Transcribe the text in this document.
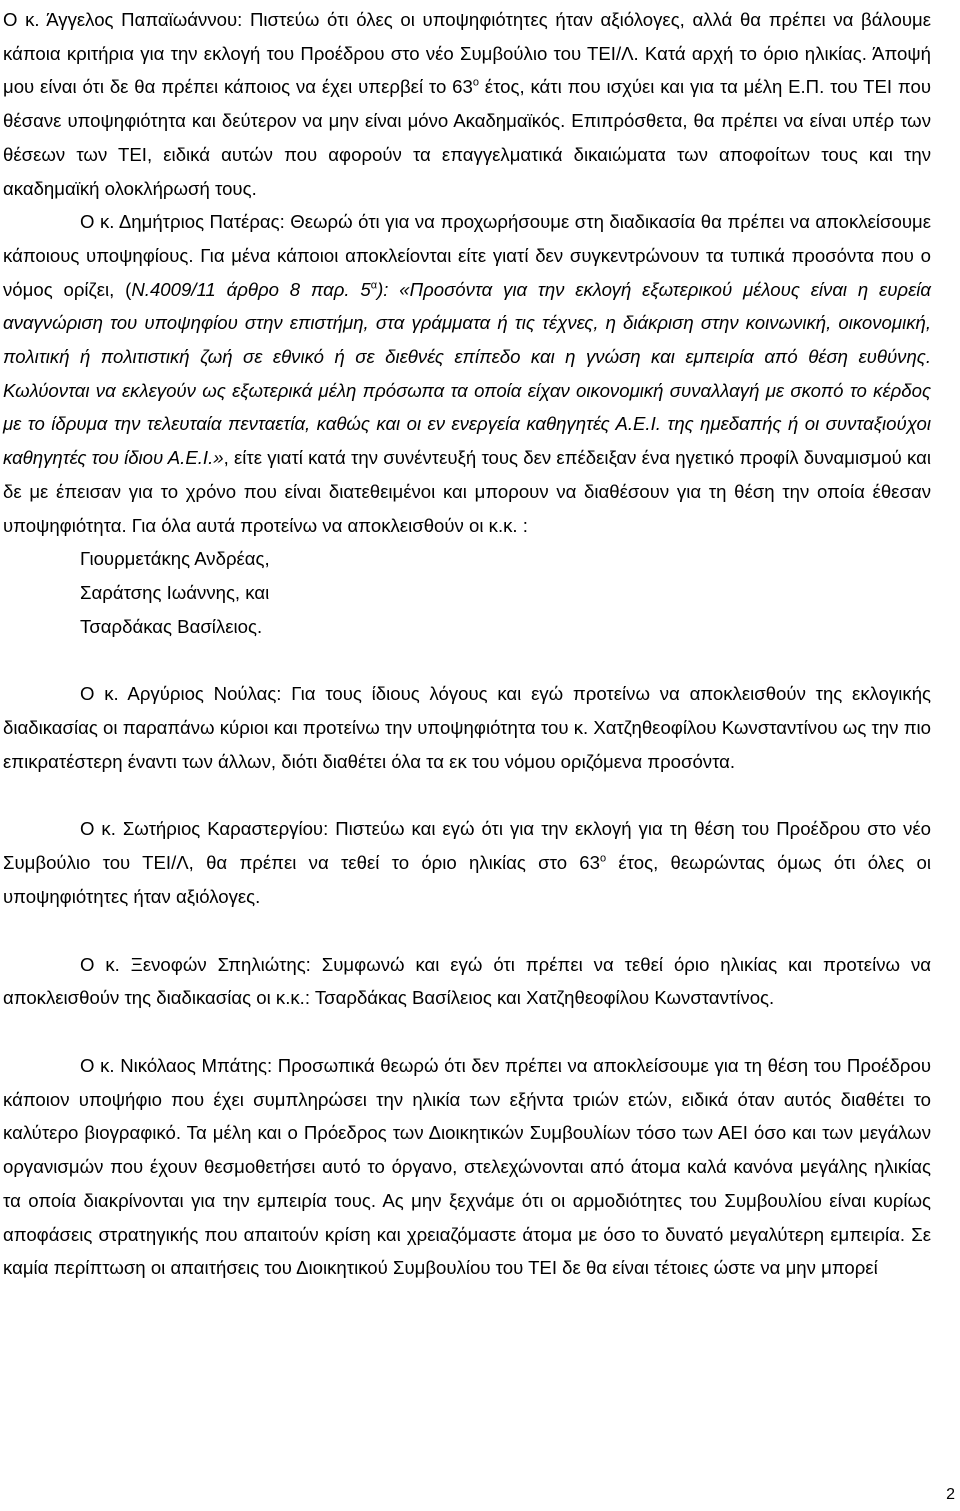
Ο κ. Άγγελος Παπαϊωάννου: Πιστεύω ότι όλες οι υποψηφιότητες ήταν αξιόλογες, αλλά θα πρέπει να βάλουμε κάποια κριτήρια για την εκλογή του Προέδρου στο νέο Συμβούλιο του ΤΕΙ/Λ. Κατά αρχή το όριο ηλικίας. Άποψή μου είναι ότι δε θα πρέπει κάποιος να έχει υπερβεί το $63^o$ έτος, κάτι που ισχύει και για τα μέλη Ε.Π. του ΤΕΙ που θέσανε υποψηφιότητα και δεύτερον να μην είναι μόνο Ακαδημαϊκός. Επιπρόσθετα, θα πρέπει να είναι υπέρ των θέσεων των ΤΕΙ, ειδικά αυτών που αφορούν τα επαγγελματικά δικαιώματα των αποφοίτων τους και την ακαδημαϊκή ολοκλήρωσή τους.

Ο κ. Δημήτριος Πατέρας: Θεωρώ ότι για να προχωρήσουμε στη διαδικασία θα πρέπει να αποκλείσουμε κάποιους υποψηφίους. Για μένα κάποιοι αποκλείονται είτε γιατί δεν συγκεντρώνουν τα τυπικά προσόντα που ο νόμος ορίζει, (Ν.4009/11 άρθρο 8 παρ. $5^\alpha$): «Προσόντα για την εκλογή εξωτερικού μέλους είναι η ευρεία αναγνώριση του υποψηφίου στην επιστήμη, στα γράμματα ή τις τέχνες, η διάκριση στην κοινωνική, οικονομική, πολιτική ή πολιτιστική ζωή σε εθνικό ή σε διεθνές επίπεδο και η γνώση και εμπειρία από θέση ευθύνης. Κωλύονται να εκλεγούν ως εξωτερικά μέλη πρόσωπα τα οποία είχαν οικονομική συναλλαγή με σκοπό το κέρδος με το ίδρυμα την τελευταία πενταετία, καθώς και οι εν ενεργεία καθηγητές Α.Ε.Ι. της ημεδαπής ή οι συνταξιούχοι καθηγητές του ίδιου Α.Ε.Ι.», είτε γιατί κατά την συνέντευξή τους δεν επέδειξαν ένα ηγετικό προφίλ δυναμισμού και δε με έπεισαν για το χρόνο που είναι διατεθειμένοι και μπορουν να διαθέσουν για τη θέση την οποία έθεσαν υποψηφιότητα. Για όλα αυτά προτείνω να αποκλεισθούν οι κ.κ. :

Γιουρμετάκης Ανδρέας,
Σαράτσης Ιωάννης, και
Τσαρδάκας Βασίλειος.

Ο κ. Αργύριος Νούλας: Για τους ίδιους λόγους και εγώ προτείνω να αποκλεισθούν της εκλογικής διαδικασίας οι παραπάνω κύριοι και προτείνω την υποψηφιότητα του κ. Χατζηθεοφίλου Κωνσταντίνου ως την πιο επικρατέστερη έναντι των άλλων, διότι διαθέτει όλα τα εκ του νόμου οριζόμενα προσόντα.

Ο κ. Σωτήριος Καραστεργίου: Πιστεύω και εγώ ότι για την εκλογή για τη θέση του Προέδρου στο νέο Συμβούλιο του ΤΕΙ/Λ, θα πρέπει να τεθεί το όριο ηλικίας στο $63^o$ έτος, θεωρώντας όμως ότι όλες οι υποψηφιότητες ήταν αξιόλογες.

Ο κ. Ξενοφών Σπηλιώτης: Συμφωνώ και εγώ ότι πρέπει να τεθεί όριο ηλικίας και προτείνω να αποκλεισθούν της διαδικασίας οι κ.κ.: Τσαρδάκας Βασίλειος και Χατζηθεοφίλου Κωνσταντίνος.

Ο κ. Νικόλαος Μπάτης: Προσωπικά θεωρώ ότι δεν πρέπει να αποκλείσουμε για τη θέση του Προέδρου κάποιον υποψήφιο που έχει συμπληρώσει την ηλικία των εξήντα τριών ετών, ειδικά όταν αυτός διαθέτει το καλύτερο βιογραφικό. Τα μέλη και ο Πρόεδρος των Διοικητικών Συμβουλίων τόσο των ΑΕΙ όσο και των μεγάλων οργανισμών που έχουν θεσμοθετήσει αυτό το όργανο, στελεχώνονται από άτομα καλά κανόνα μεγάλης ηλικίας τα οποία διακρίνονται για την εμπειρία τους. Ας μην ξεχνάμε ότι οι αρμοδιότητες του Συμβουλίου είναι κυρίως αποφάσεις στρατηγικής που απαιτούν κρίση και χρειαζόμαστε άτομα με όσο το δυνατό μεγαλύτερη εμπειρία. Σε καμία περίπτωση οι απαιτήσεις του Διοικητικού Συμβουλίου του ΤΕΙ δε θα είναι τέτοιες ώστε να μην μπορεί

2
